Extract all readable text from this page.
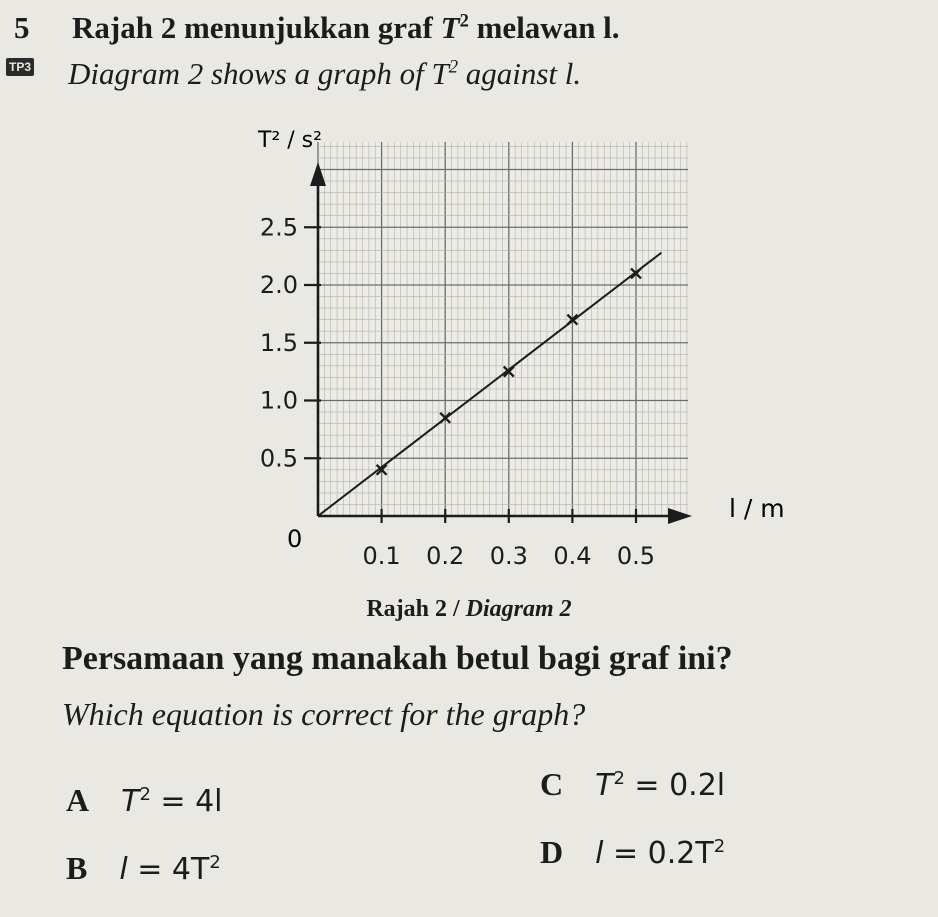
5 Rajah 2 menunjukkan graf $T^2$ melawan l.
TP3 Diagram 2 shows a graph of $T^2$ against l.
0.1 0.2 0.3 0.4 0.5
0.5
1.0
1.5
2.0
2.5
T² / s²
l / m
0
Rajah 2 / Diagram 2
Persamaan yang manakah betul bagi graf ini?
Which equation is correct for the graph?
A $T^2 = 4l$
B $l = 4T^2$
C $T^2 = 0.2l$
D $l = 0.2T^2$
